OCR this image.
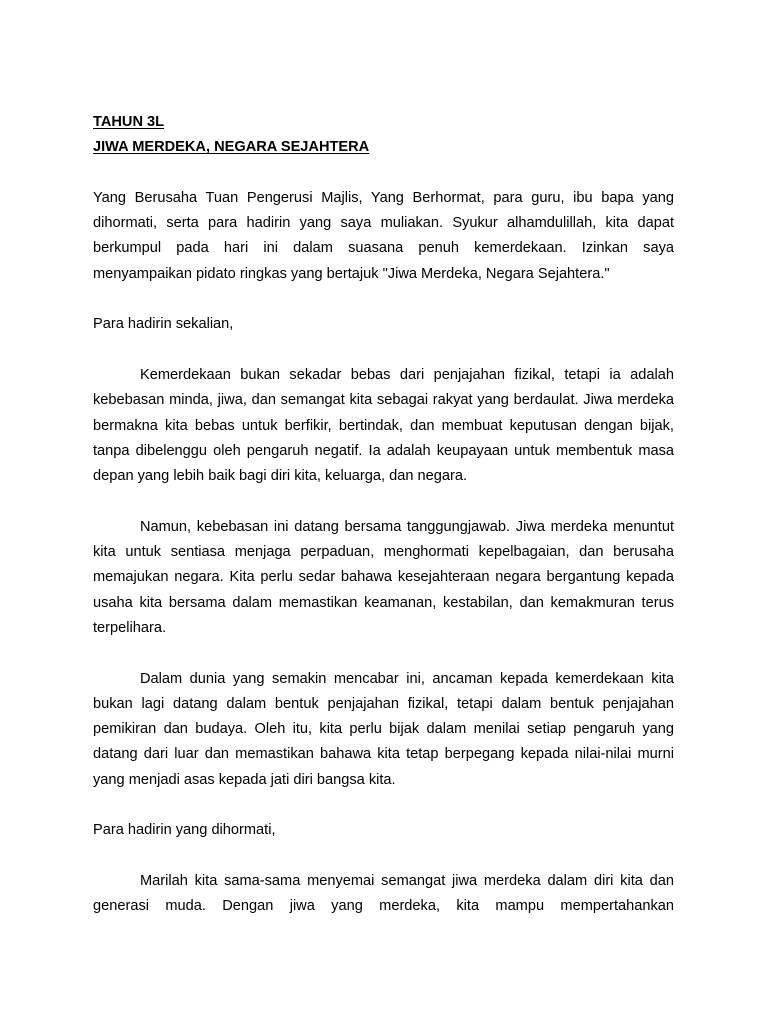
TAHUN 3L

JIWA MERDEKA, NEGARA SEJAHTERA

Yang Berusaha Tuan Pengerusi Majlis, Yang Berhormat, para guru, ibu bapa yang dihormati, serta para hadirin yang saya muliakan. Syukur alhamdulillah, kita dapat berkumpul pada hari ini dalam suasana penuh kemerdekaan. Izinkan saya menyampaikan pidato ringkas yang bertajuk "Jiwa Merdeka, Negara Sejahtera."

Para hadirin sekalian,

Kemerdekaan bukan sekadar bebas dari penjajahan fizikal, tetapi ia adalah kebebasan minda, jiwa, dan semangat kita sebagai rakyat yang berdaulat. Jiwa merdeka bermakna kita bebas untuk berfikir, bertindak, dan membuat keputusan dengan bijak, tanpa dibelenggu oleh pengaruh negatif. Ia adalah keupayaan untuk membentuk masa depan yang lebih baik bagi diri kita, keluarga, dan negara.

Namun, kebebasan ini datang bersama tanggungjawab. Jiwa merdeka menuntut kita untuk sentiasa menjaga perpaduan, menghormati kepelbagaian, dan berusaha memajukan negara. Kita perlu sedar bahawa kesejahteraan negara bergantung kepada usaha kita bersama dalam memastikan keamanan, kestabilan, dan kemakmuran terus terpelihara.

Dalam dunia yang semakin mencabar ini, ancaman kepada kemerdekaan kita bukan lagi datang dalam bentuk penjajahan fizikal, tetapi dalam bentuk penjajahan pemikiran dan budaya. Oleh itu, kita perlu bijak dalam menilai setiap pengaruh yang datang dari luar dan memastikan bahawa kita tetap berpegang kepada nilai-nilai murni yang menjadi asas kepada jati diri bangsa kita.

Para hadirin yang dihormati,

Marilah kita sama-sama menyemai semangat jiwa merdeka dalam diri kita dan generasi muda. Dengan jiwa yang merdeka, kita mampu mempertahankan
